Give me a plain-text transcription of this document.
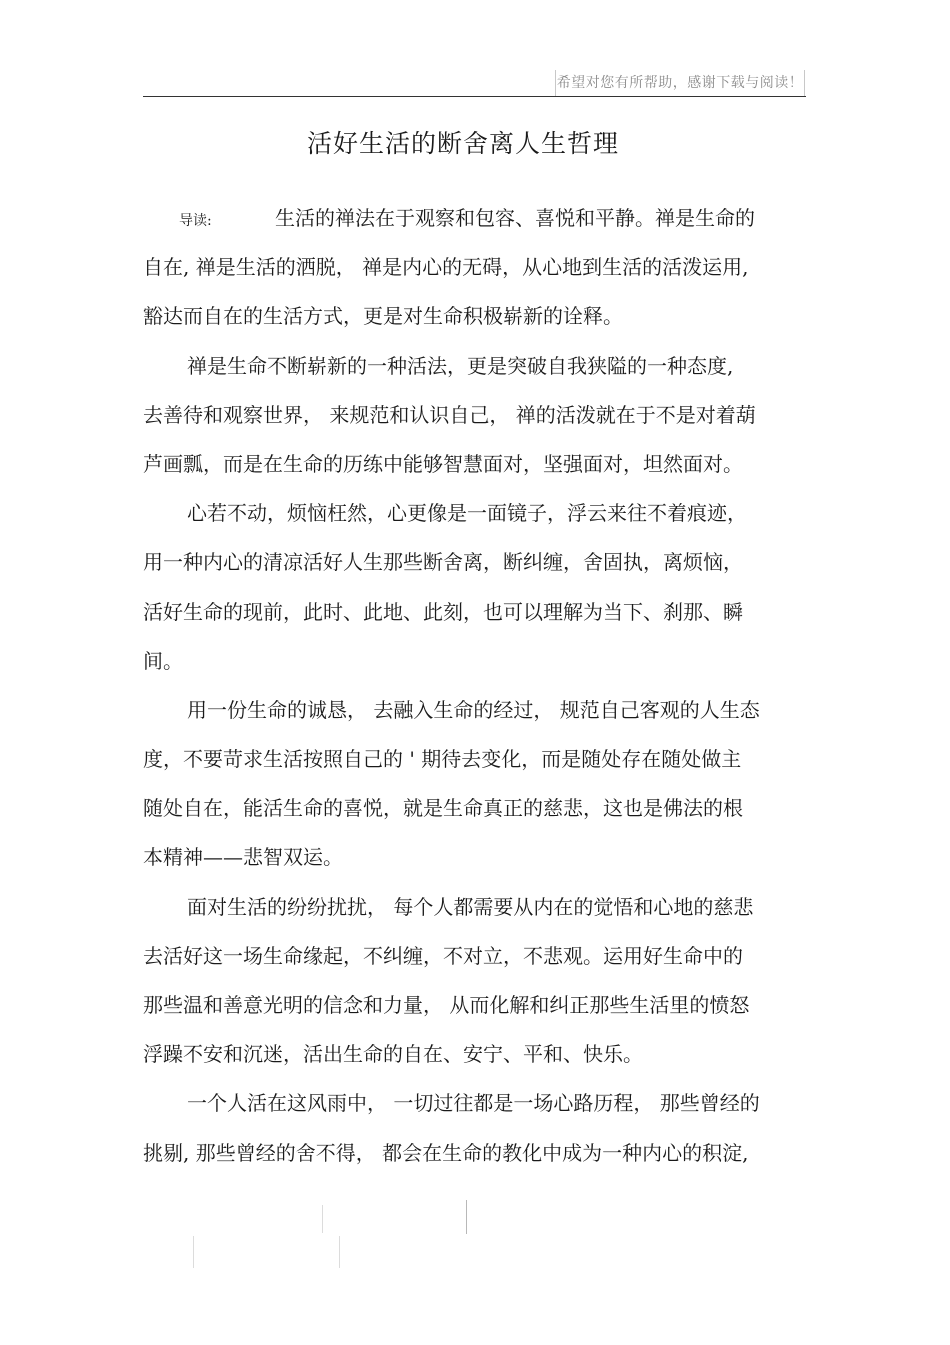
希望对您有所帮助，感谢下载与阅读！
活好生活的断舍离人生哲理
导读:	生活的禅法在于观察和包容、喜悦和平静。禅是生命的
自在, 禅是生活的洒脱， 禅是内心的无碍，从心地到生活的活泼运用,
豁达而自在的生活方式，更是对生命积极崭新的诠释。
禅是生命不断崭新的一种活法，更是突破自我狭隘的一种态度,
去善待和观察世界， 来规范和认识自己， 禅的活泼就在于不是对着葫
芦画瓢，而是在生命的历练中能够智慧面对，坚强面对，坦然面对。
心若不动，烦恼枉然，心更像是一面镜子，浮云来往不着痕迹，
用一种内心的清凉活好人生那些断舍离，断纠缠，舍固执，离烦恼，
活好生命的现前，此时、此地、此刻，也可以理解为当下、刹那、瞬
间。
用一份生命的诚恳， 去融入生命的经过， 规范自己客观的人生态
度，不要苛求生活按照自己的 ' 期待去变化，而是随处存在随处做主
随处自在，能活生命的喜悦，就是生命真正的慈悲，这也是佛法的根
本精神——悲智双运。
面对生活的纷纷扰扰， 每个人都需要从内在的觉悟和心地的慈悲
去活好这一场生命缘起，不纠缠，不对立，不悲观。运用好生命中的
那些温和善意光明的信念和力量， 从而化解和纠正那些生活里的愤怒
浮躁不安和沉迷，活出生命的自在、安宁、平和、快乐。
一个人活在这风雨中， 一切过往都是一场心路历程， 那些曾经的
挑剔, 那些曾经的舍不得， 都会在生命的教化中成为一种内心的积淀,
